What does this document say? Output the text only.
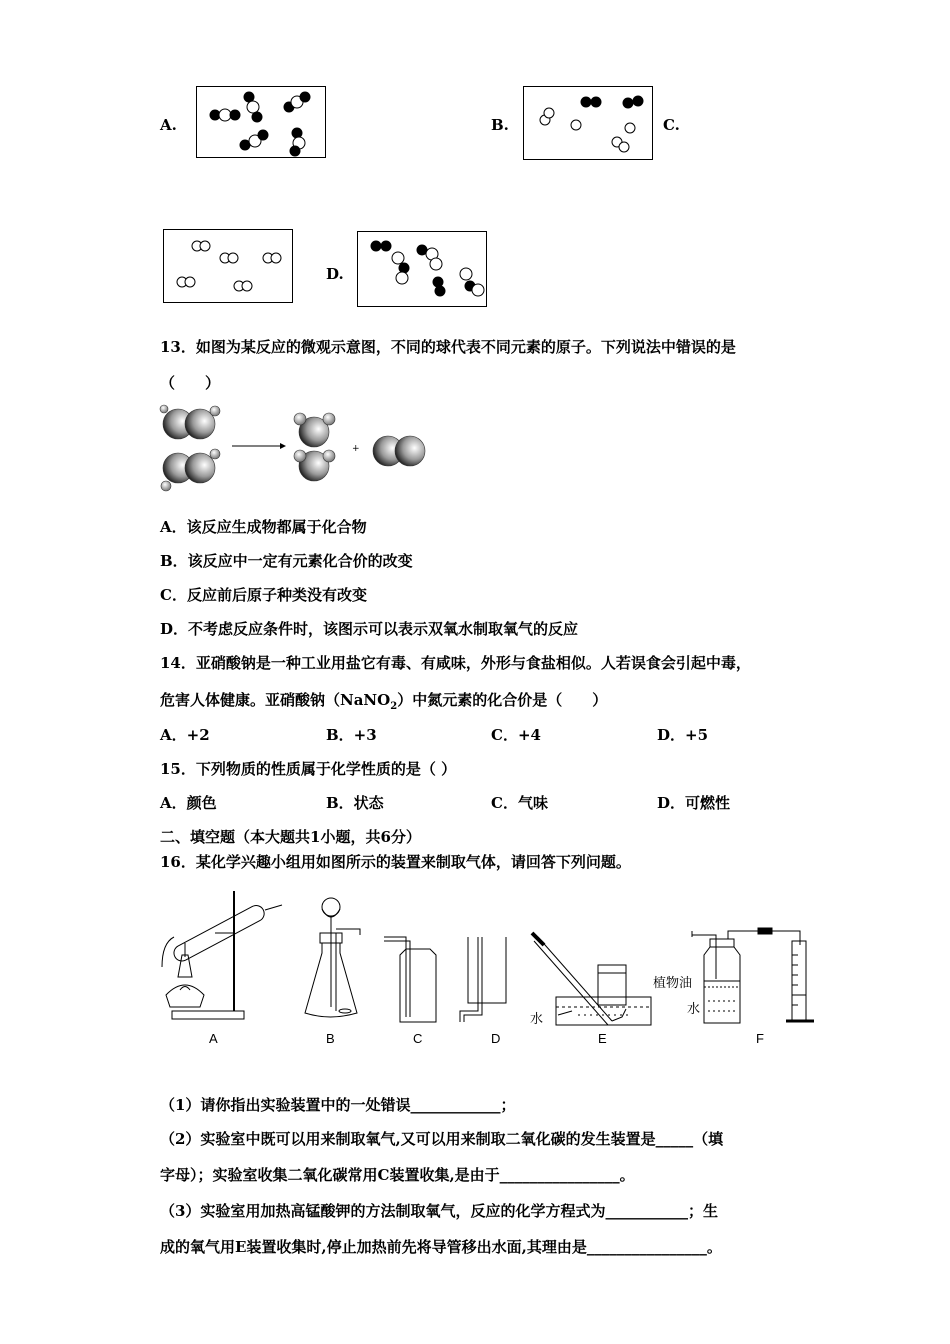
A.	B.	C.
D.
13．如图为某反应的微观示意图，不同的球代表不同元素的原子。下列说法中错误的是
（　　）
+
A．该反应生成物都属于化合物
B．该反应中一定有元素化合价的改变
C．反应前后原子种类没有改变
D．不考虑反应条件时，该图示可以表示双氧水制取氧气的反应
14．亚硝酸钠是一种工业用盐它有毒、有咸味，外形与食盐相似。人若误食会引起中毒，
危害人体健康。亚硝酸钠（NaNO$_2$）中氮元素的化合价是（　　）
A．+2	B．+3	C．+4	D．+5
15．下列物质的性质属于化学性质的是（ ）
A．颜色	B．状态	C．气味	D．可燃性
二、填空题（本大题共1小题，共6分）
16．某化学兴趣小组用如图所示的装置来制取气体，请回答下列问题。
水
植物油
水
A	B	C	D	E	F
（1）请你指出实验装置中的一处错误____________；
（2）实验室中既可以用来制取氧气,又可以用来制取二氧化碳的发生装置是_____（填
字母）；实验室收集二氧化碳常用C装置收集,是由于________________。
（3）实验室用加热高锰酸钾的方法制取氧气，反应的化学方程式为___________；生
成的氧气用E装置收集时,停止加热前先将导管移出水面,其理由是________________。
